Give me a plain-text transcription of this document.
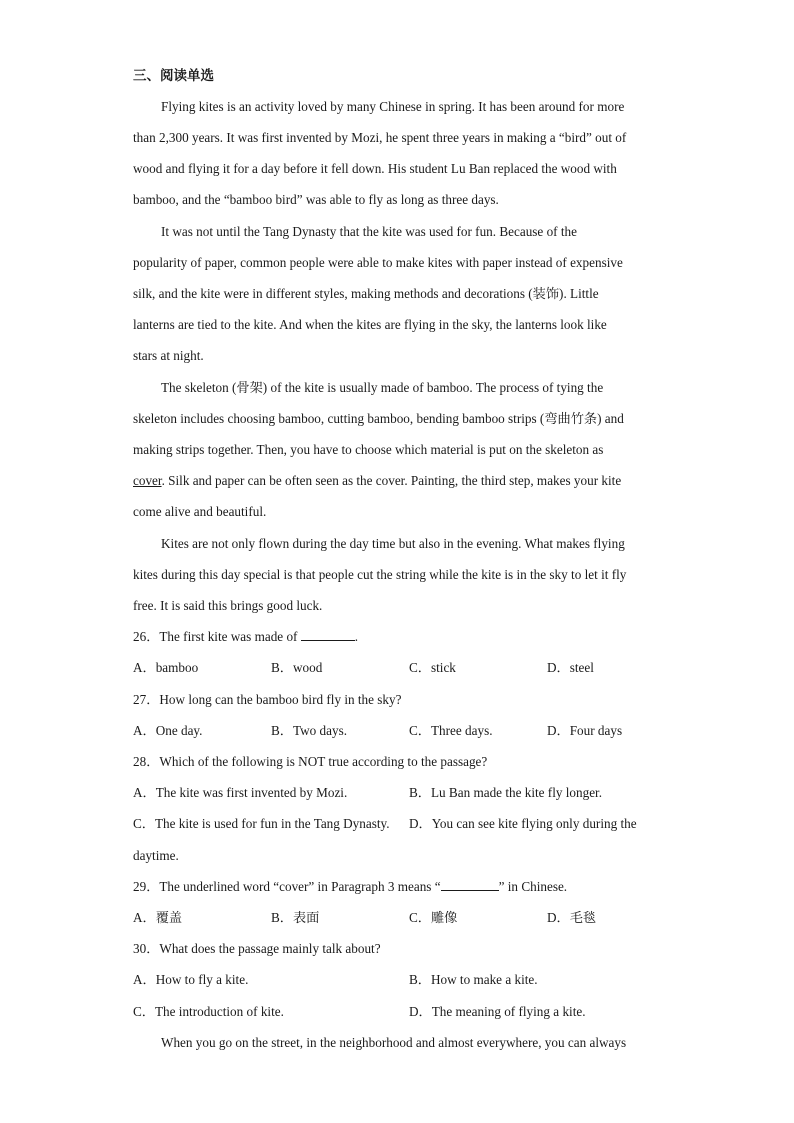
三、阅读单选
Flying kites is an activity loved by many Chinese in spring. It has been around for more
than 2,300 years. It was first invented by Mozi, he spent three years in making a “bird” out of
wood and flying it for a day before it fell down. His student Lu Ban replaced the wood with
bamboo, and the “bamboo bird” was able to fly as long as three days.
It was not until the Tang Dynasty that the kite was used for fun. Because of the
popularity of paper, common people were able to make kites with paper instead of expensive
silk, and the kite were in different styles, making methods and decorations (装饰). Little
lanterns are tied to the kite. And when the kites are flying in the sky, the lanterns look like
stars at night.
The skeleton (骨架) of the kite is usually made of bamboo. The process of tying the
skeleton includes choosing bamboo, cutting bamboo, bending bamboo strips (弯曲竹条) and
making strips together. Then, you have to choose which material is put on the skeleton as
cover. Silk and paper can be often seen as the cover. Painting, the third step, makes your kite
come alive and beautiful.
Kites are not only flown during the day time but also in the evening. What makes flying
kites during this day special is that people cut the string while the kite is in the sky to let it fly
free. It is said this brings good luck.
26．The first kite was made of	.
A．bamboo	B．wood	C．stick	D．steel
27．How long can the bamboo bird fly in the sky?
A．One day.	B．Two days.	C．Three days.	D．Four days
28．Which of the following is NOT true according to the passage?
A．The kite was first invented by Mozi.	B．Lu Ban made the kite fly longer.
C．The kite is used for fun in the Tang Dynasty. D．You can see kite flying only during the
daytime.
29．The underlined word “cover” in Paragraph 3 means “	” in Chinese.
A．覆盖	B．表面	C．雕像	D．毛毯
30．What does the passage mainly talk about?
A．How to fly a kite.	B．How to make a kite.
C．The introduction of kite.	D．The meaning of flying a kite.
When you go on the street, in the neighborhood and almost everywhere, you can always
